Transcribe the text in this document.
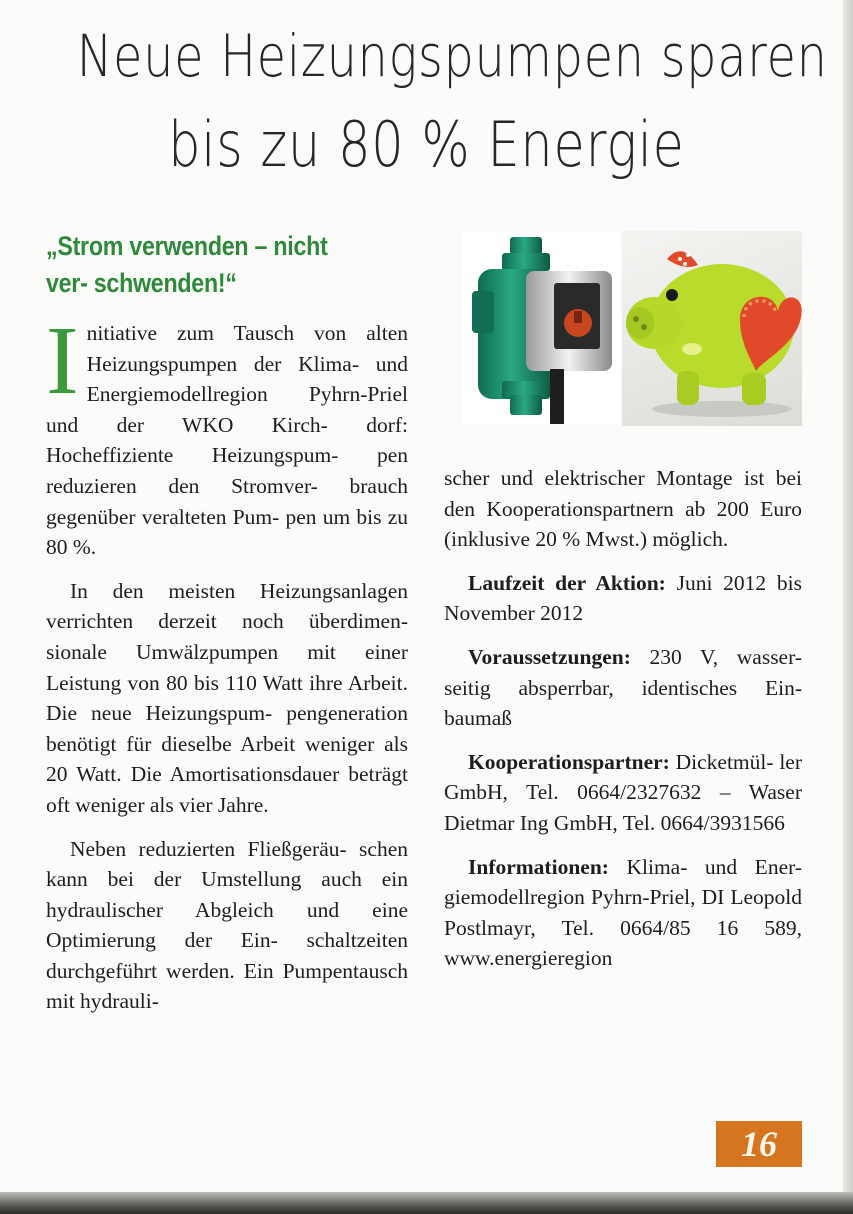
Neue Heizungspumpen sparen
bis zu 80 % Energie
„Strom verwenden – nicht ver- schwenden!“
I nitiative zum Tausch von alten Heizungspumpen der Klima- und Energiemodellregion Pyhrn-Priel und der WKO Kirch- dorf: Hocheffiziente Heizungspum- pen reduzieren den Stromver- brauch gegenüber veralteten Pum- pen um bis zu 80 %.

In den meisten Heizungsanlagen verrichten derzeit noch überdimen- sionale Umwälzpumpen mit einer Leistung von 80 bis 110 Watt ihre Arbeit. Die neue Heizungspum- pengeneration benötigt für dieselbe Arbeit weniger als 20 Watt. Die Amortisationsdauer beträgt oft weniger als vier Jahre.

Neben reduzierten Fließgeräu- schen kann bei der Umstellung auch ein hydraulischer Abgleich und eine Optimierung der Ein- schaltzeiten durchgeführt werden. Ein Pumpentausch mit hydrauli-

scher und elektrischer Montage ist bei den Kooperationspartnern ab 200 Euro (inklusive 20 % Mwst.) möglich.

Laufzeit der Aktion: Juni 2012 bis November 2012

Voraussetzungen: 230 V, wasser- seitig absperrbar, identisches Ein- baumaß

Kooperationspartner: Dicketmül- ler GmbH, Tel. 0664/2327632 – Waser Dietmar Ing GmbH, Tel. 0664/3931566

Informationen: Klima- und Ener- giemodellregion Pyhrn-Priel, DI Leopold Postlmayr, Tel. 0664/85 16 589, www.energieregion

16
